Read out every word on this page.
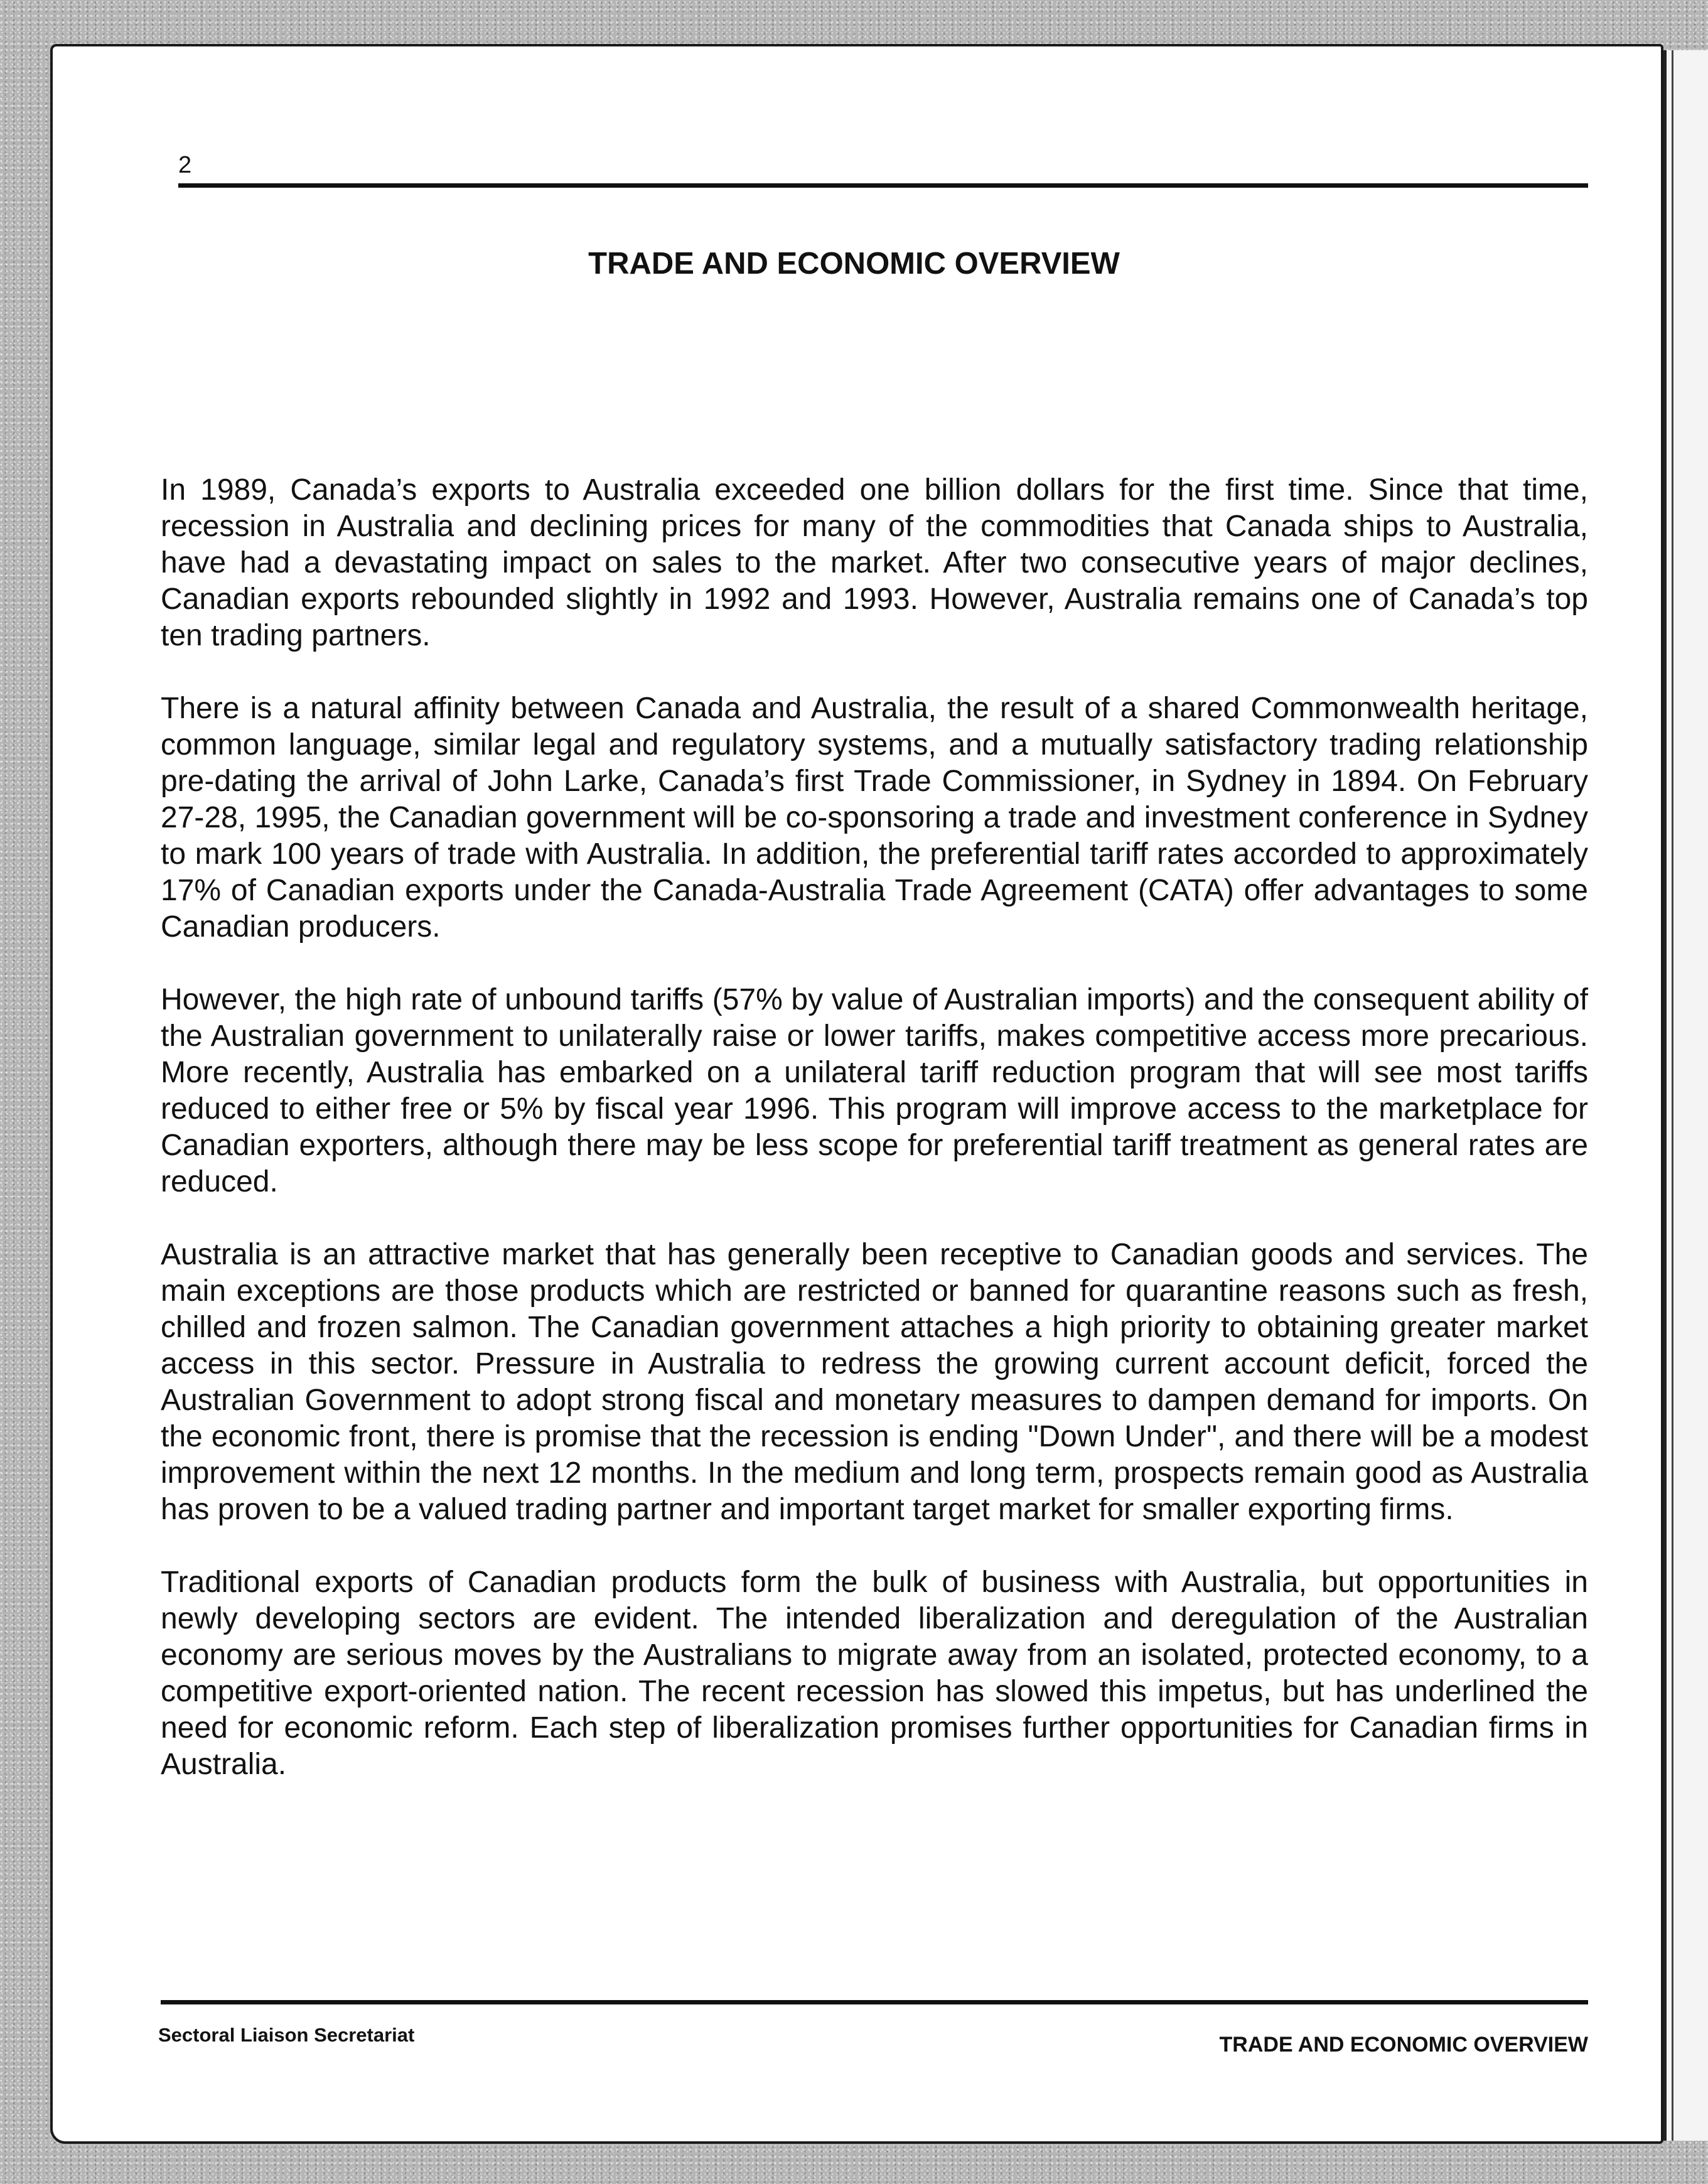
2
TRADE AND ECONOMIC OVERVIEW

In 1989, Canada’s exports to Australia exceeded one billion dollars for the first time. Since that time, recession in Australia and declining prices for many of the commodities that Canada ships to Australia, have had a devastating impact on sales to the market. After two consecutive years of major declines, Canadian exports rebounded slightly in 1992 and 1993. However, Australia remains one of Canada’s top ten trading partners.

There is a natural affinity between Canada and Australia, the result of a shared Commonwealth heritage, common language, similar legal and regulatory systems, and a mutually satisfactory trading relationship pre-dating the arrival of John Larke, Canada’s first Trade Commissioner, in Sydney in 1894. On February 27-28, 1995, the Canadian government will be co-sponsoring a trade and investment conference in Sydney to mark 100 years of trade with Australia. In addition, the preferential tariff rates accorded to approximately 17% of Canadian exports under the Canada-Australia Trade Agreement (CATA) offer advantages to some Canadian producers.

However, the high rate of unbound tariffs (57% by value of Australian imports) and the consequent ability of the Australian government to unilaterally raise or lower tariffs, makes competitive access more precarious. More recently, Australia has embarked on a unilateral tariff reduction program that will see most tariffs reduced to either free or 5% by fiscal year 1996. This program will improve access to the marketplace for Canadian exporters, although there may be less scope for preferential tariff treatment as general rates are reduced.

Australia is an attractive market that has generally been receptive to Canadian goods and services. The main exceptions are those products which are restricted or banned for quarantine reasons such as fresh, chilled and frozen salmon. The Canadian government attaches a high priority to obtaining greater market access in this sector. Pressure in Australia to redress the growing current account deficit, forced the Australian Government to adopt strong fiscal and monetary measures to dampen demand for imports. On the economic front, there is promise that the recession is ending "Down Under", and there will be a modest improvement within the next 12 months. In the medium and long term, prospects remain good as Australia has proven to be a valued trading partner and important target market for smaller exporting firms.

Traditional exports of Canadian products form the bulk of business with Australia, but opportunities in newly developing sectors are evident. The intended liberalization and deregulation of the Australian economy are serious moves by the Australians to migrate away from an isolated, protected economy, to a competitive export-oriented nation. The recent recession has slowed this impetus, but has underlined the need for economic reform. Each step of liberalization promises further opportunities for Canadian firms in Australia.

Sectoral Liaison Secretariat	TRADE AND ECONOMIC OVERVIEW
